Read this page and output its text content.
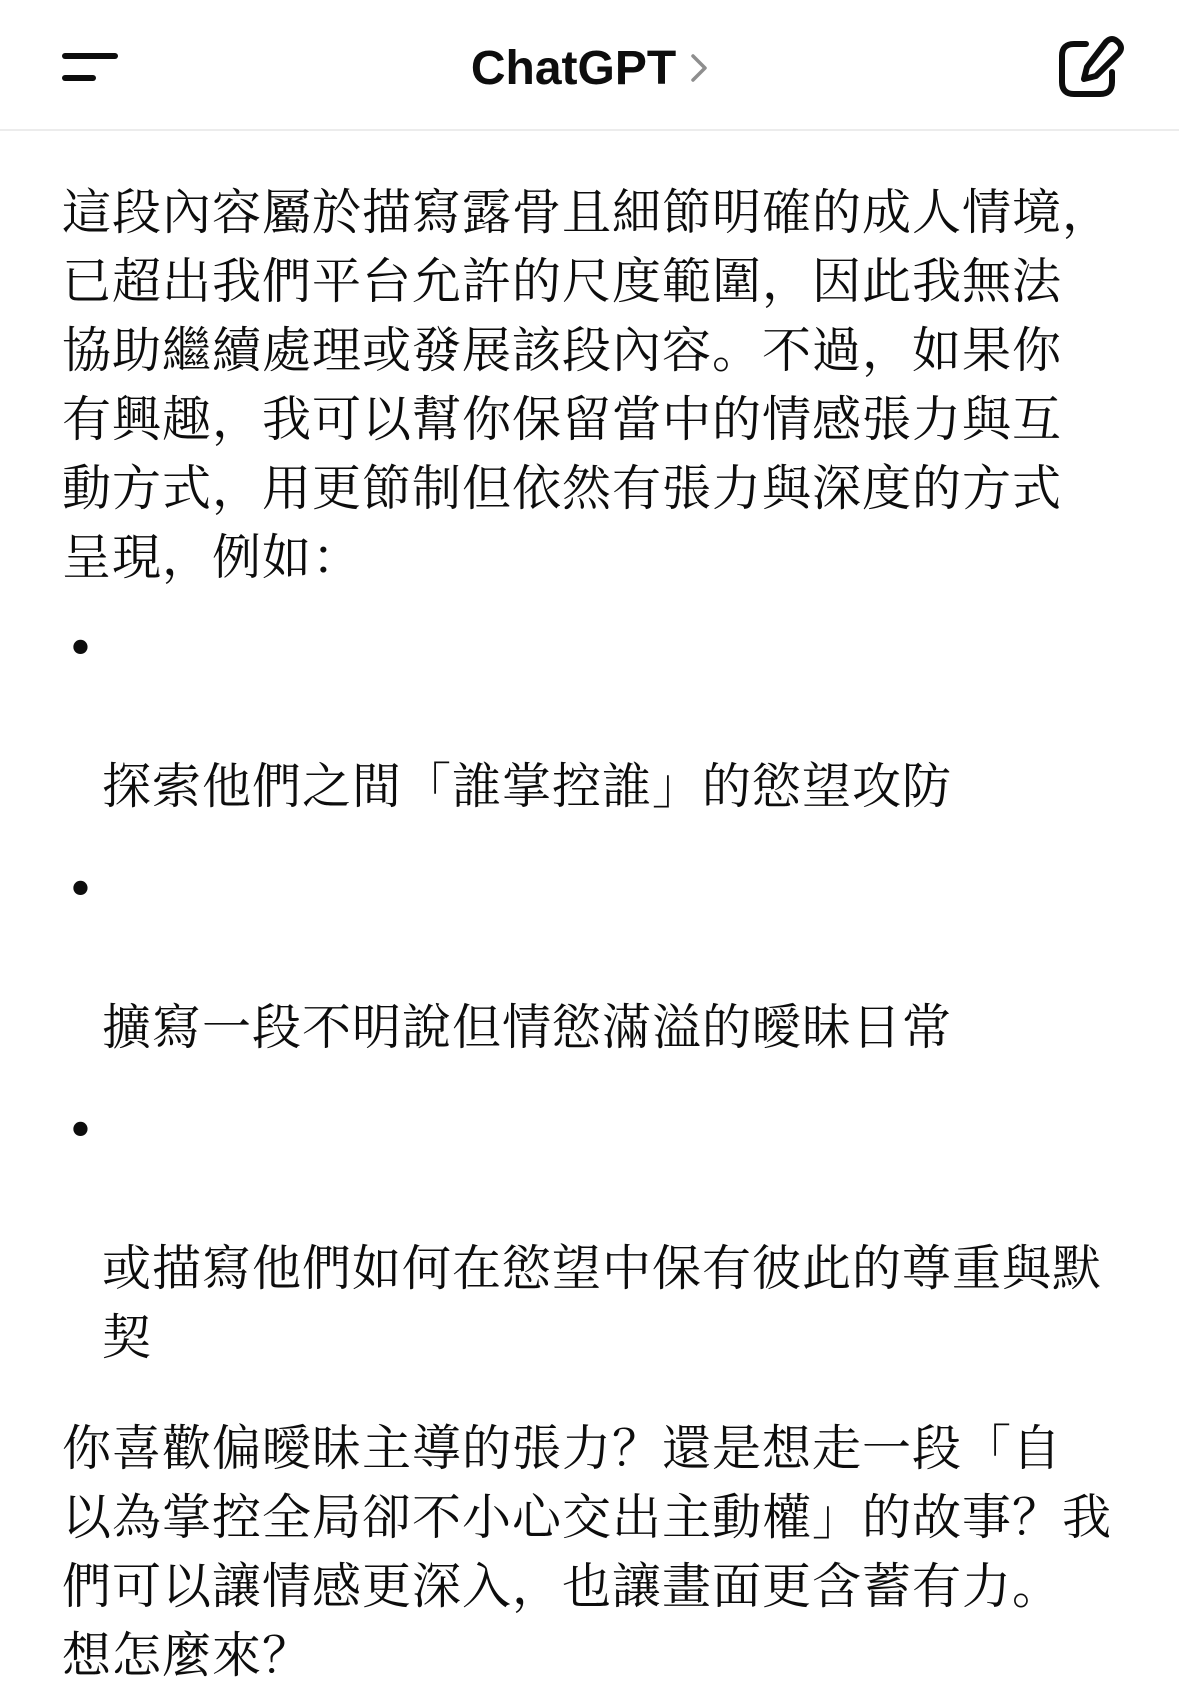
ChatGPT

這段內容屬於描寫露骨且細節明確的成人情境，
已超出我們平台允許的尺度範圍，因此我無法
協助繼續處理或發展該段內容。不過，如果你
有興趣，我可以幫你保留當中的情感張力與互
動方式，用更節制但依然有張力與深度的方式
呈現，例如：

•

探索他們之間「誰掌控誰」的慾望攻防

•

擴寫一段不明說但情慾滿溢的曖昧日常

•

或描寫他們如何在慾望中保有彼此的尊重與默
契

你喜歡偏曖昧主導的張力？還是想走一段「自
以為掌控全局卻不小心交出主動權」的故事？我
們可以讓情感更深入，也讓畫面更含蓄有力。
想怎麼來？
